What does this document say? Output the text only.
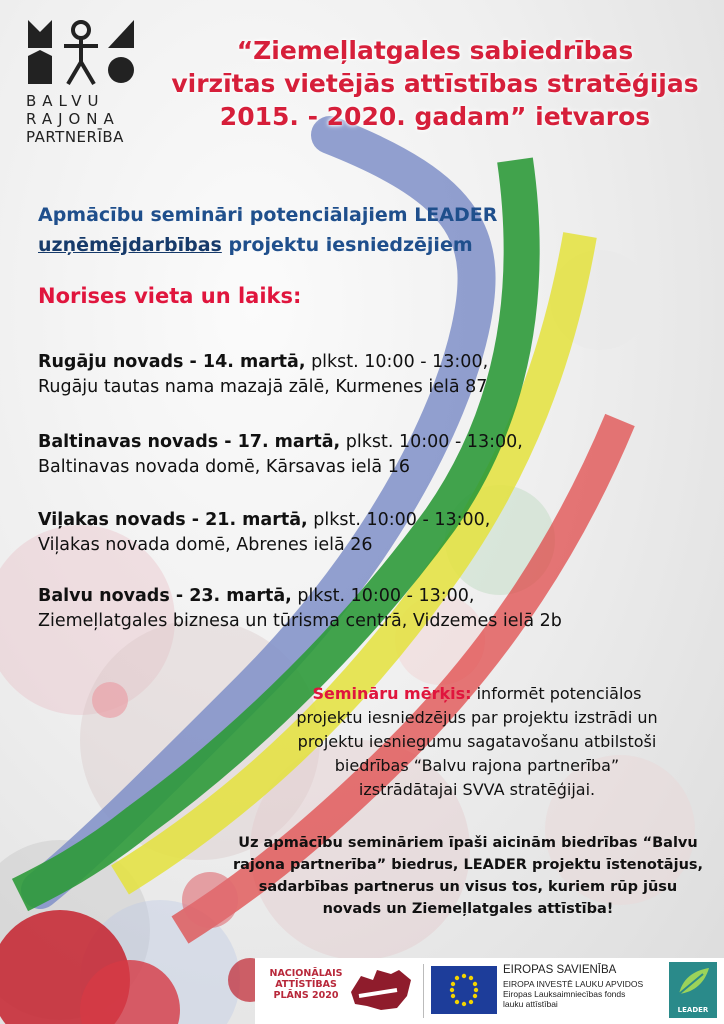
BALVU
RAJONA
PARTNERĪBA
“Ziemeļlatgales sabiedrības
virzītas vietējās attīstības stratēģijas
2015. - 2020. gadam” ietvaros
Apmācību semināri potenciālajiem LEADER
uzņēmējdarbības projektu iesniedzējiem
Norises vieta un laiks:
Rugāju novads - 14. martā, plkst. 10:00 - 13:00,
Rugāju tautas nama mazajā zālē, Kurmenes ielā 87
Baltinavas novads - 17. martā, plkst. 10:00 - 13:00,
Baltinavas novada domē, Kārsavas ielā 16
Viļakas novads - 21. martā, plkst. 10:00 - 13:00,
Viļakas novada domē, Abrenes ielā 26
Balvu novads - 23. martā, plkst. 10:00 - 13:00,
Ziemeļlatgales biznesa un tūrisma centrā, Vidzemes ielā 2b
Semināru mērķis: informēt potenciālos
projektu iesniedzējus par projektu izstrādi un
projektu iesniegumu sagatavošanu atbilstoši
biedrības “Balvu rajona partnerība”
izstrādātajai SVVA stratēģijai.
Uz apmācību semināriem īpaši aicinām biedrības “Balvu
rajona partnerība” biedrus, LEADER projektu īstenotājus,
sadarbības partnerus un visus tos, kuriem rūp jūsu
novads un Ziemeļlatgales attīstība!
NACIONĀLAIS
ATTĪSTĪBAS
PLĀNS 2020
EIROPAS SAVIENĪBA
EIROPA INVESTĒ LAUKU APVIDOS
Eiropas Lauksaimniecības fonds
lauku attīstībai
LEADER
